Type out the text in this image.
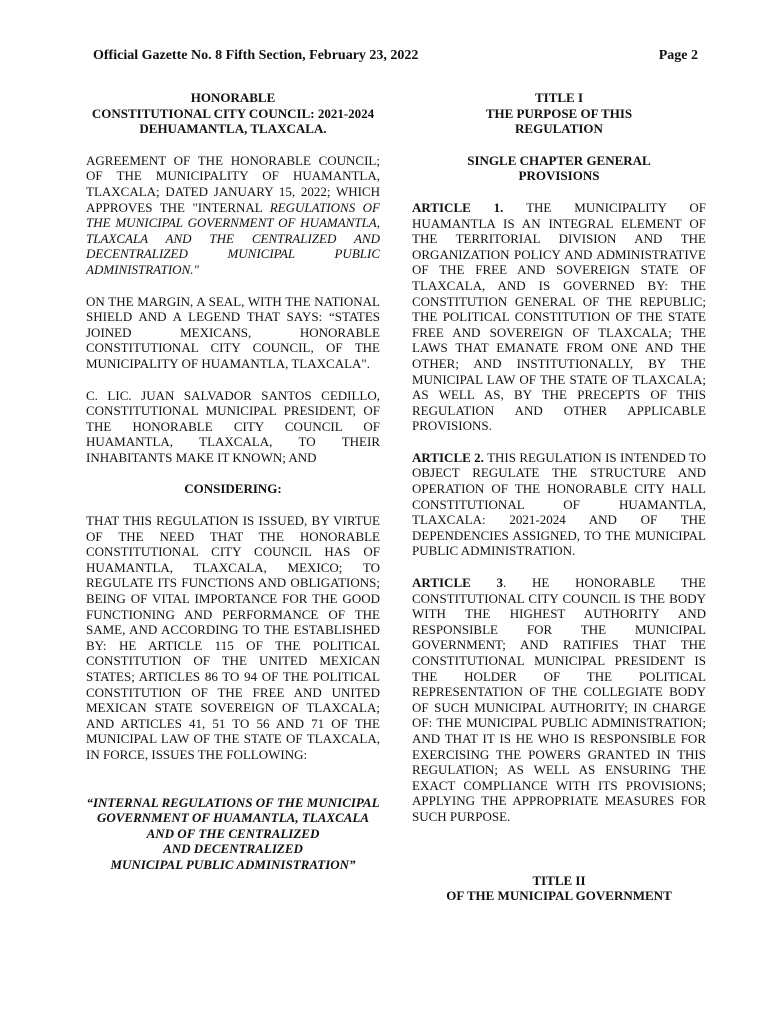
Official Gazette No. 8 Fifth Section, February 23, 2022	Page 2
HONORABLE
CONSTITUTIONAL CITY COUNCIL: 2021-2024
DEHUAMANTLA, TLAXCALA.
AGREEMENT OF THE HONORABLE COUNCIL; OF THE MUNICIPALITY OF HUAMANTLA, TLAXCALA; DATED JANUARY 15, 2022; WHICH APPROVES THE "INTERNAL REGULATIONS OF THE MUNICIPAL GOVERNMENT OF HUAMANTLA, TLAXCALA AND THE CENTRALIZED AND DECENTRALIZED MUNICIPAL PUBLIC ADMINISTRATION."
ON THE MARGIN, A SEAL, WITH THE NATIONAL SHIELD AND A LEGEND THAT SAYS: “STATES JOINED MEXICANS, HONORABLE CONSTITUTIONAL CITY COUNCIL, OF THE MUNICIPALITY OF HUAMANTLA, TLAXCALA".
C. LIC. JUAN SALVADOR SANTOS CEDILLO, CONSTITUTIONAL MUNICIPAL PRESIDENT, OF THE HONORABLE CITY COUNCIL OF HUAMANTLA, TLAXCALA, TO THEIR INHABITANTS MAKE IT KNOWN; AND
CONSIDERING:
THAT THIS REGULATION IS ISSUED, BY VIRTUE OF THE NEED THAT THE HONORABLE CONSTITUTIONAL CITY COUNCIL HAS OF HUAMANTLA, TLAXCALA, MEXICO; TO REGULATE ITS FUNCTIONS AND OBLIGATIONS; BEING OF VITAL IMPORTANCE FOR THE GOOD FUNCTIONING AND PERFORMANCE OF THE SAME, AND ACCORDING TO THE ESTABLISHED BY: HE ARTICLE 115 OF THE POLITICAL CONSTITUTION OF THE UNITED MEXICAN STATES; ARTICLES 86 TO 94 OF THE POLITICAL CONSTITUTION OF THE FREE AND UNITED MEXICAN STATE SOVEREIGN OF TLAXCALA; AND ARTICLES 41, 51 TO 56 AND 71 OF THE MUNICIPAL LAW OF THE STATE OF TLAXCALA, IN FORCE, ISSUES THE FOLLOWING:
“INTERNAL REGULATIONS OF THE MUNICIPAL
GOVERNMENT OF HUAMANTLA, TLAXCALA
AND OF THE CENTRALIZED
AND DECENTRALIZED
MUNICIPAL PUBLIC ADMINISTRATION”
TITLE I
THE PURPOSE OF THIS
REGULATION
SINGLE CHAPTER GENERAL
PROVISIONS
ARTICLE 1. THE MUNICIPALITY OF HUAMANTLA IS AN INTEGRAL ELEMENT OF THE TERRITORIAL DIVISION AND THE ORGANIZATION POLICY AND ADMINISTRATIVE OF THE FREE AND SOVEREIGN STATE OF TLAXCALA, AND IS GOVERNED BY: THE CONSTITUTION GENERAL OF THE REPUBLIC; THE POLITICAL CONSTITUTION OF THE STATE FREE AND SOVEREIGN OF TLAXCALA; THE LAWS THAT EMANATE FROM ONE AND THE OTHER; AND INSTITUTIONALLY, BY THE MUNICIPAL LAW OF THE STATE OF TLAXCALA; AS WELL AS, BY THE PRECEPTS OF THIS REGULATION AND OTHER APPLICABLE PROVISIONS.
ARTICLE 2. THIS REGULATION IS INTENDED TO OBJECT REGULATE THE STRUCTURE AND OPERATION OF THE HONORABLE CITY HALL CONSTITUTIONAL OF HUAMANTLA, TLAXCALA: 2021-2024 AND OF THE DEPENDENCIES ASSIGNED, TO THE MUNICIPAL PUBLIC ADMINISTRATION.
ARTICLE 3. HE HONORABLE THE CONSTITUTIONAL CITY COUNCIL IS THE BODY WITH THE HIGHEST AUTHORITY AND RESPONSIBLE FOR THE MUNICIPAL GOVERNMENT; AND RATIFIES THAT THE CONSTITUTIONAL MUNICIPAL PRESIDENT IS THE HOLDER OF THE POLITICAL REPRESENTATION OF THE COLLEGIATE BODY OF SUCH MUNICIPAL AUTHORITY; IN CHARGE OF: THE MUNICIPAL PUBLIC ADMINISTRATION; AND THAT IT IS HE WHO IS RESPONSIBLE FOR EXERCISING THE POWERS GRANTED IN THIS REGULATION; AS WELL AS ENSURING THE EXACT COMPLIANCE WITH ITS PROVISIONS; APPLYING THE APPROPRIATE MEASURES FOR SUCH PURPOSE.
TITLE II
OF THE MUNICIPAL GOVERNMENT
